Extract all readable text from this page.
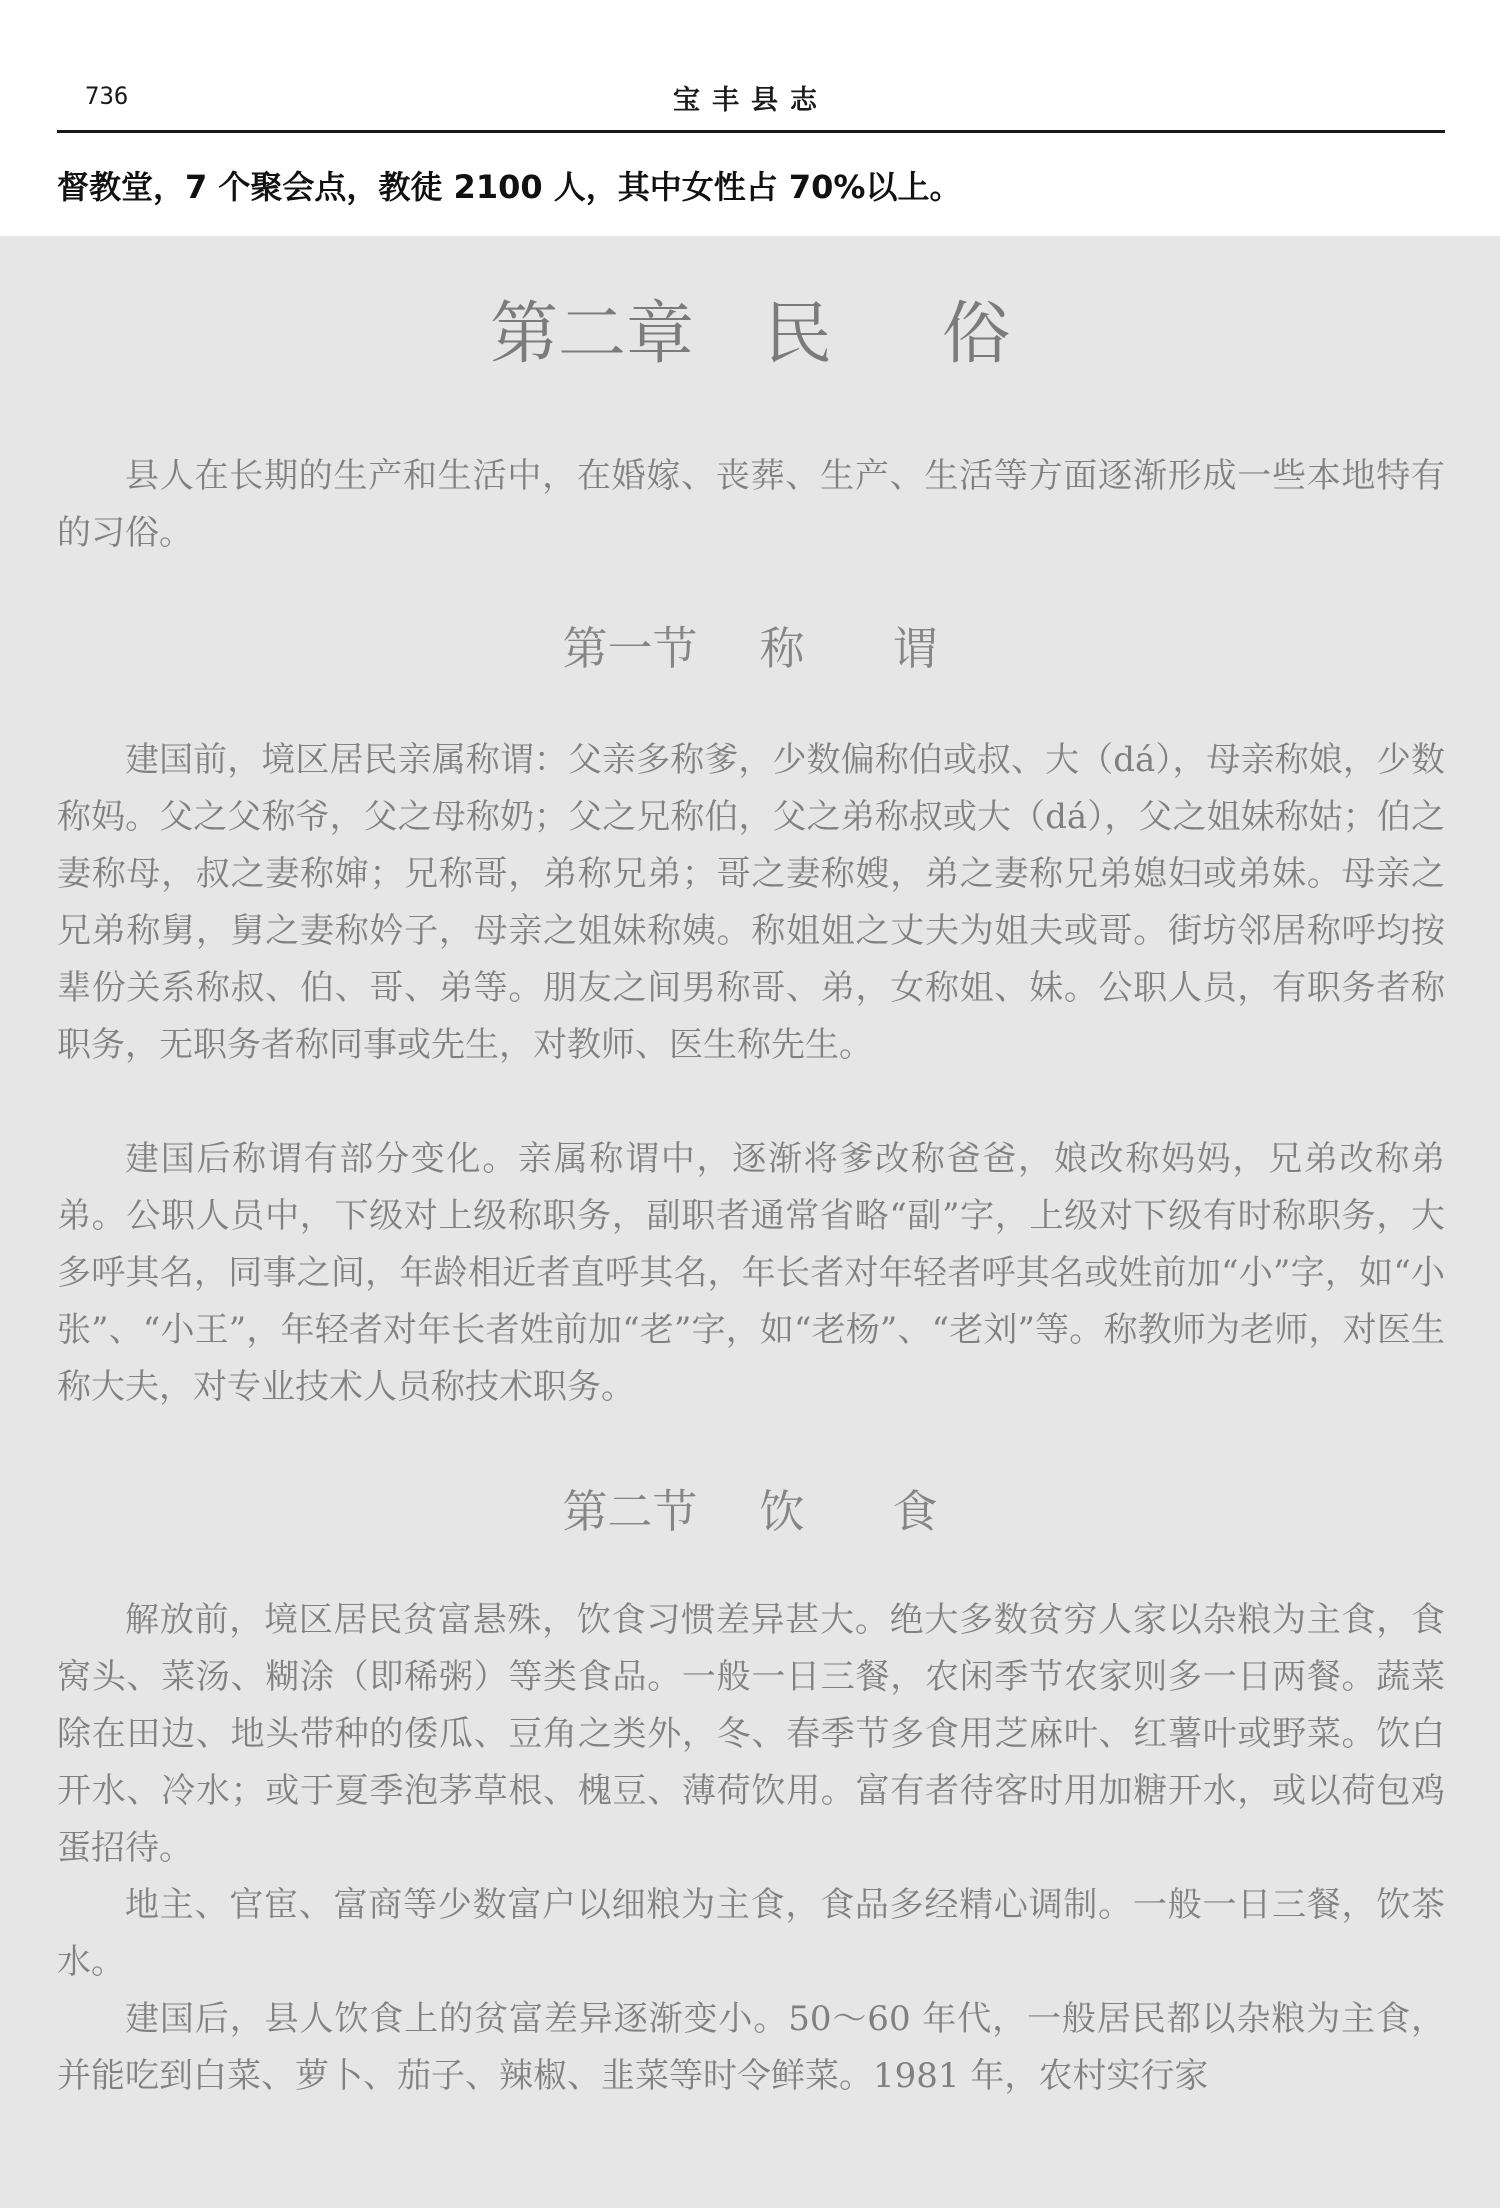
736	宝丰县志
督教堂，7 个聚会点，教徒 2100 人，其中女性占 70%以上。
第二章 民 俗

县人在长期的生产和生活中，在婚嫁、丧葬、生产、生活等方面逐渐形成一些本地特有的习俗。

第一节 称 谓

建国前，境区居民亲属称谓：父亲多称爹，少数偏称伯或叔、大（dá），母亲称娘，少数称妈。父之父称爷，父之母称奶；父之兄称伯，父之弟称叔或大（dá），父之姐妹称姑；伯之妻称母，叔之妻称婶；兄称哥，弟称兄弟；哥之妻称嫂，弟之妻称兄弟媳妇或弟妹。母亲之兄弟称舅，舅之妻称妗子，母亲之姐妹称姨。称姐姐之丈夫为姐夫或哥。街坊邻居称呼均按辈份关系称叔、伯、哥、弟等。朋友之间男称哥、弟，女称姐、妹。公职人员，有职务者称职务，无职务者称同事或先生，对教师、医生称先生。

建国后称谓有部分变化。亲属称谓中，逐渐将爹改称爸爸，娘改称妈妈，兄弟改称弟弟。公职人员中，下级对上级称职务，副职者通常省略“副”字，上级对下级有时称职务，大多呼其名，同事之间，年龄相近者直呼其名，年长者对年轻者呼其名或姓前加“小”字，如“小张”、“小王”，年轻者对年长者姓前加“老”字，如“老杨”、“老刘”等。称教师为老师，对医生称大夫，对专业技术人员称技术职务。

第二节 饮 食

解放前，境区居民贫富悬殊，饮食习惯差异甚大。绝大多数贫穷人家以杂粮为主食，食窝头、菜汤、糊涂（即稀粥）等类食品。一般一日三餐，农闲季节农家则多一日两餐。蔬菜除在田边、地头带种的倭瓜、豆角之类外，冬、春季节多食用芝麻叶、红薯叶或野菜。饮白开水、冷水；或于夏季泡茅草根、槐豆、薄荷饮用。富有者待客时用加糖开水，或以荷包鸡蛋招待。

地主、官宦、富商等少数富户以细粮为主食，食品多经精心调制。一般一日三餐，饮茶水。

建国后，县人饮食上的贫富差异逐渐变小。50～60 年代，一般居民都以杂粮为主食，并能吃到白菜、萝卜、茄子、辣椒、韭菜等时令鲜菜。1981 年，农村实行家
